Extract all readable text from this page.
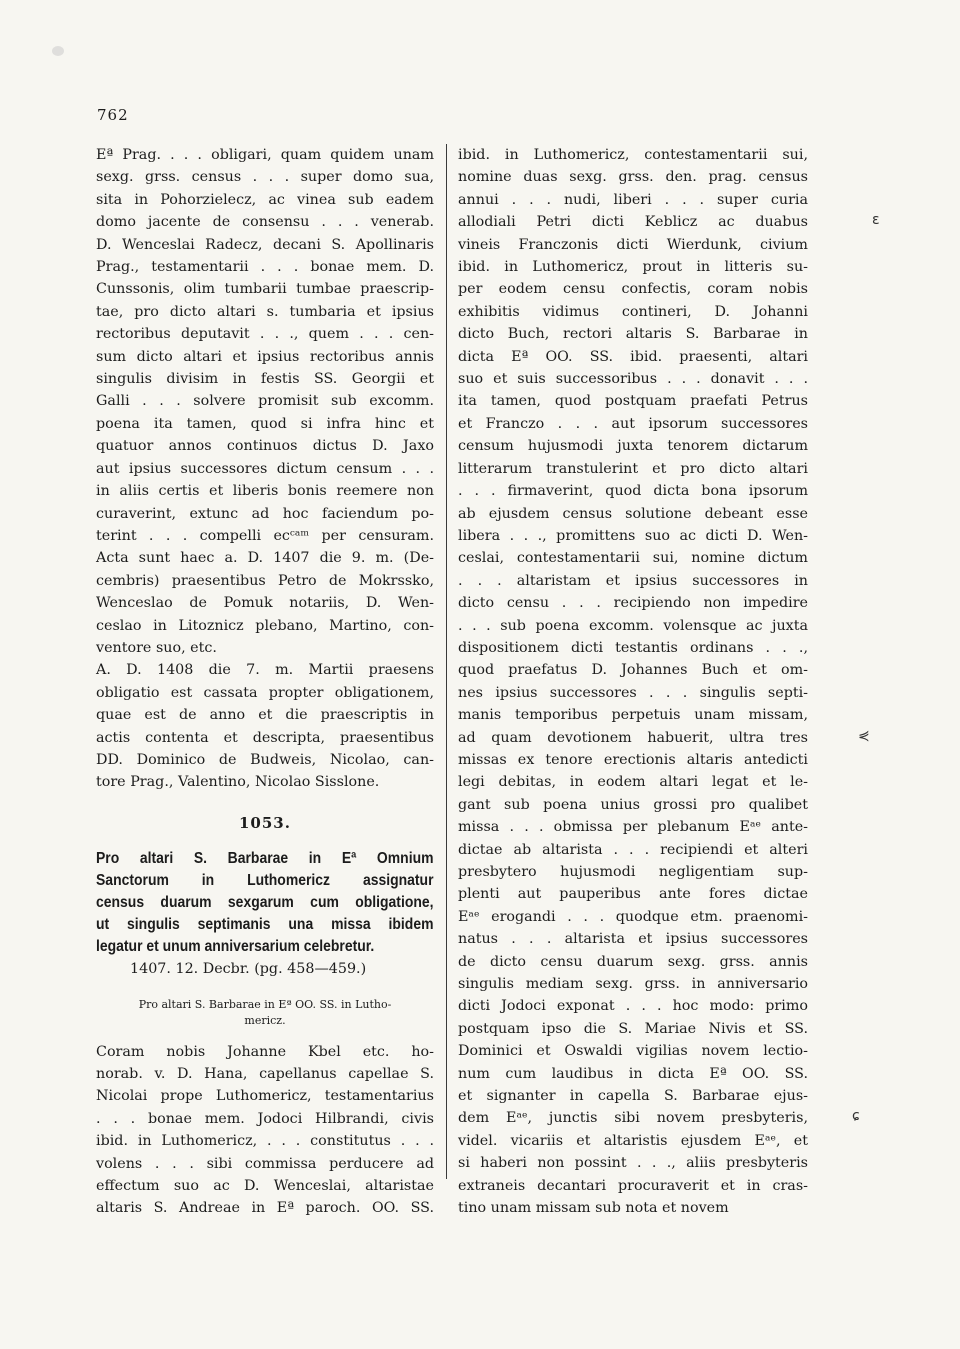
762
Eª Prag. . . . obligari, quam quidem unam
sexg. grss. census . . . super domo sua,
sita in Pohorzielecz, ac vinea sub eadem
domo jacente de consensu . . . venerab.
D. Wenceslai Radecz, decani S. Apollinaris
Prag., testamentarii . . . bonae mem. D.
Cunssonis, olim tumbarii tumbae praescrip-
tae, pro dicto altari s. tumbaria et ipsius
rectoribus deputavit . . ., quem . . . cen-
sum dicto altari et ipsius rectoribus annis
singulis divisim in festis SS. Georgii et
Galli . . . solvere promisit sub excomm.
poena ita tamen, quod si infra hinc et
quatuor annos continuos dictus D. Jaxo
aut ipsius successores dictum censum . . .
in aliis certis et liberis bonis reemere non
curaverint, extunc ad hoc faciendum po-
terint . . . compelli ecᶜᵃᵐ per censuram.
Acta sunt haec a. D. 1407 die 9. m. (De-
cembris) praesentibus Petro de Mokrssko,
Wenceslao de Pomuk notariis, D. Wen-
ceslao in Litoznicz plebano, Martino, con-
ventore suo, etc.
A. D. 1408 die 7. m. Martii praesens
obligatio est cassata propter obligationem,
quae est de anno et die praescriptis in
actis contenta et descripta, praesentibus
DD. Dominico de Budweis, Nicolao, can-
tore Prag., Valentino, Nicolao Sisslone.
1053.
Pro altari S. Barbarae in Eª Omnium
Sanctorum in Luthomericz assignatur
census duarum sexgarum cum obligatione,
ut singulis septimanis una missa ibidem
legatur et unum anniversarium celebretur.
1407. 12. Decbr. (pg. 458—459.)
Pro altari S. Barbarae in Eª OO. SS. in Lutho-
mericz.
Coram nobis Johanne Kbel etc. ho-
norab. v. D. Hana, capellanus capellae S.
Nicolai prope Luthomericz, testamentarius
. . . bonae mem. Jodoci Hilbrandi, civis
ibid. in Luthomericz, . . . constitutus . . .
volens . . . sibi commissa perducere ad
effectum suo ac D. Wenceslai, altaristae
altaris S. Andreae in Eª paroch. OO. SS.
ibid. in Luthomericz, contestamentarii sui,
nomine duas sexg. grss. den. prag. census
annui . . . nudi, liberi . . . super curia
allodiali Petri dicti Keblicz ac duabus
vineis Franczonis dicti Wierdunk, civium
ibid. in Luthomericz, prout in litteris su-
per eodem censu confectis, coram nobis
exhibitis vidimus contineri, D. Johanni
dicto Buch, rectori altaris S. Barbarae in
dicta Eª OO. SS. ibid. praesenti, altari
suo et suis successoribus . . . donavit . . .
ita tamen, quod postquam praefati Petrus
et Franczo . . . aut ipsorum successores
censum hujusmodi juxta tenorem dictarum
litterarum transtulerint et pro dicto altari
. . . firmaverint, quod dicta bona ipsorum
ab ejusdem census solutione debeant esse
libera . . ., promittens suo ac dicti D. Wen-
ceslai, contestamentarii sui, nomine dictum
. . . altaristam et ipsius successores in
dicto censu . . . recipiendo non impedire
. . . sub poena excomm. volensque ac juxta
dispositionem dicti testantis ordinans . . .,
quod praefatus D. Johannes Buch et om-
nes ipsius successores . . . singulis septi-
manis temporibus perpetuis unam missam,
ad quam devotionem habuerit, ultra tres
missas ex tenore erectionis altaris antedicti
legi debitas, in eodem altari legat et le-
gant sub poena unius grossi pro qualibet
missa . . . obmissa per plebanum Eᵃᵉ ante-
dictae ab altarista . . . recipiendi et alteri
presbytero hujusmodi negligentiam sup-
plenti aut pauperibus ante fores dictae
Eᵃᵉ erogandi . . . quodque etm. praenomi-
natus . . . altarista et ipsius successores
de dicto censu duarum sexg. grss. annis
singulis mediam sexg. grss. in anniversario
dicti Jodoci exponat . . . hoc modo: primo
postquam ipso die S. Mariae Nivis et SS.
Dominici et Oswaldi vigilias novem lectio-
num cum laudibus in dicta Eª OO. SS.
et signanter in capella S. Barbarae ejus-
dem Eᵃᵉ, junctis sibi novem presbyteris,
videl. vicariis et altaristis ejusdem Eᵃᵉ, et
si haberi non possint . . ., aliis presbyteris
extraneis decantari procuraverit et in cras-
tino unam missam sub nota et novem
ɛ
⋞
ɕ
